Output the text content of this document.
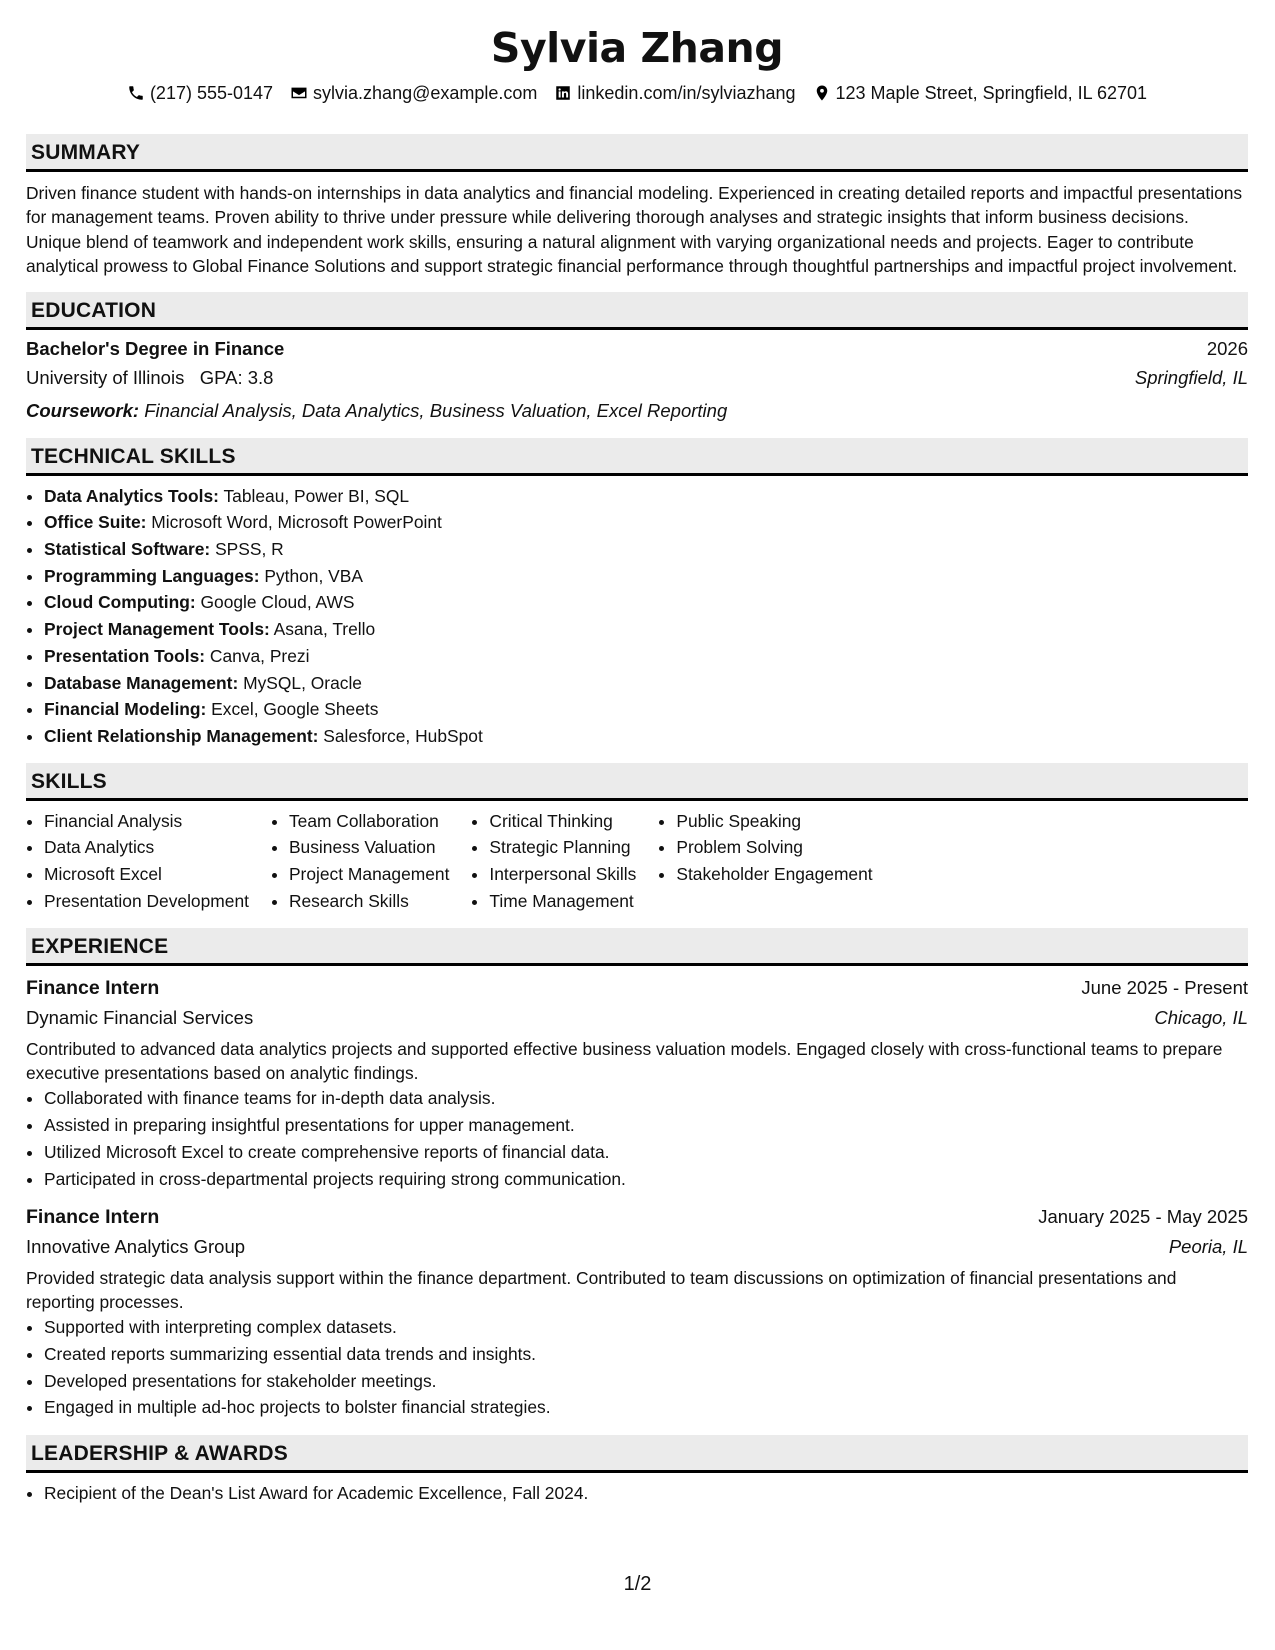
Sylvia Zhang
(217) 555-0147 sylvia.zhang@example.com linkedin.com/in/sylviazhang 123 Maple Street, Springfield, IL 62701
SUMMARY

Driven finance student with hands-on internships in data analytics and financial modeling. Experienced in creating detailed reports and impactful presentations for management teams. Proven ability to thrive under pressure while delivering thorough analyses and strategic insights that inform business decisions. Unique blend of teamwork and independent work skills, ensuring a natural alignment with varying organizational needs and projects. Eager to contribute analytical prowess to Global Finance Solutions and support strategic financial performance through thoughtful partnerships and impactful project involvement.

EDUCATION
Bachelor's Degree in Finance	2026
University of Illinois GPA: 3.8	Springfield, IL
Coursework: Financial Analysis, Data Analytics, Business Valuation, Excel Reporting
TECHNICAL SKILLS
• Data Analytics Tools: Tableau, Power BI, SQL
• Office Suite: Microsoft Word, Microsoft PowerPoint
• Statistical Software: SPSS, R
• Programming Languages: Python, VBA
• Cloud Computing: Google Cloud, AWS
• Project Management Tools: Asana, Trello
• Presentation Tools: Canva, Prezi
• Database Management: MySQL, Oracle
• Financial Modeling: Excel, Google Sheets
• Client Relationship Management: Salesforce, HubSpot
SKILLS
• Financial Analysis
• Data Analytics
• Microsoft Excel
• Presentation Development
• Team Collaboration
• Business Valuation
• Project Management
• Research Skills
• Critical Thinking
• Strategic Planning
• Interpersonal Skills
• Time Management
• Public Speaking
• Problem Solving
• Stakeholder Engagement
EXPERIENCE
Finance Intern	June 2025 - Present
Dynamic Financial Services	Chicago, IL

Contributed to advanced data analytics projects and supported effective business valuation models. Engaged closely with cross-functional teams to prepare executive presentations based on analytic findings.

• Collaborated with finance teams for in-depth data analysis.
• Assisted in preparing insightful presentations for upper management.
• Utilized Microsoft Excel to create comprehensive reports of financial data.
• Participated in cross-departmental projects requiring strong communication.
Finance Intern	January 2025 - May 2025
Innovative Analytics Group	Peoria, IL

Provided strategic data analysis support within the finance department. Contributed to team discussions on optimization of financial presentations and reporting processes.

• Supported with interpreting complex datasets.
• Created reports summarizing essential data trends and insights.
• Developed presentations for stakeholder meetings.
• Engaged in multiple ad-hoc projects to bolster financial strategies.
LEADERSHIP & AWARDS
• Recipient of the Dean's List Award for Academic Excellence, Fall 2024.
1/2
